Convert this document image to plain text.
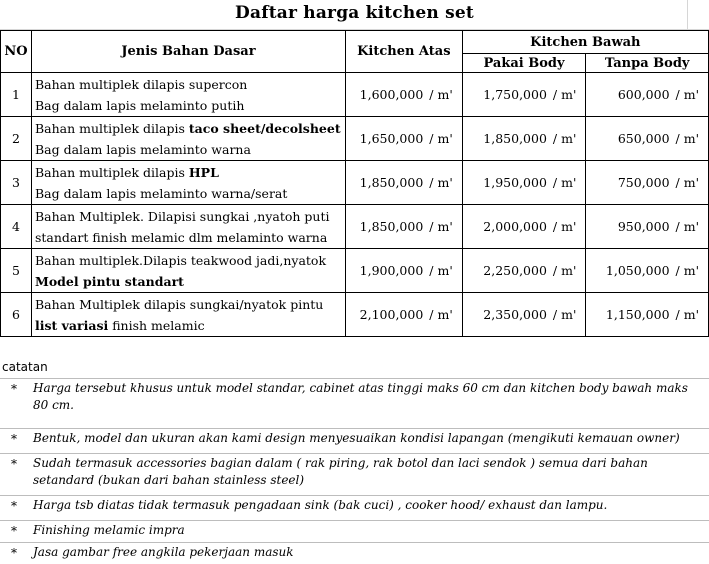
Daftar harga kitchen set
NO	Jenis Bahan Dasar	Kitchen Atas		Kitchen Bawah			
				Pakai Body		Tanpa Body	
1	Bahan multiplek dilapis supercon
Bag dalam lapis melaminto putih	1,600,000	/ m'	1,750,000	/ m'	600,000	/ m'
2	Bahan multiplek dilapis taco sheet/decolsheet
Bag dalam lapis melaminto warna	1,650,000	/ m'	1,850,000	/ m'	650,000	/ m'
3	Bahan multiplek dilapis HPL
Bag dalam lapis melaminto warna/serat	1,850,000	/ m'	1,950,000	/ m'	750,000	/ m'
4	Bahan Multiplek. Dilapisi sungkai ,nyatoh puti
standart finish melamic dlm melaminto warna	1,850,000	/ m'	2,000,000	/ m'	950,000	/ m'
5	Bahan multiplek.Dilapis teakwood jadi,nyatok
Model pintu standart	1,900,000	/ m'	2,250,000	/ m'	1,050,000	/ m'
6	Bahan Multiplek dilapis sungkai/nyatok pintu
list variasi finish melamic	2,100,000	/ m'	2,350,000	/ m'	1,150,000	/ m'
catatan
* Harga tersebut khusus untuk model standar, cabinet atas tinggi maks 60 cm dan kitchen body bawah maks 80 cm.
* Bentuk, model dan ukuran akan kami design menyesuaikan kondisi lapangan (mengikuti kemauan owner)
* Sudah termasuk accessories bagian dalam ( rak piring, rak botol dan laci sendok ) semua dari bahan setandard (bukan dari bahan stainless steel)
* Harga tsb diatas tidak termasuk pengadaan sink (bak cuci) , cooker hood/ exhaust dan lampu.
* Finishing melamic impra
* Jasa gambar free angkila pekerjaan masuk
